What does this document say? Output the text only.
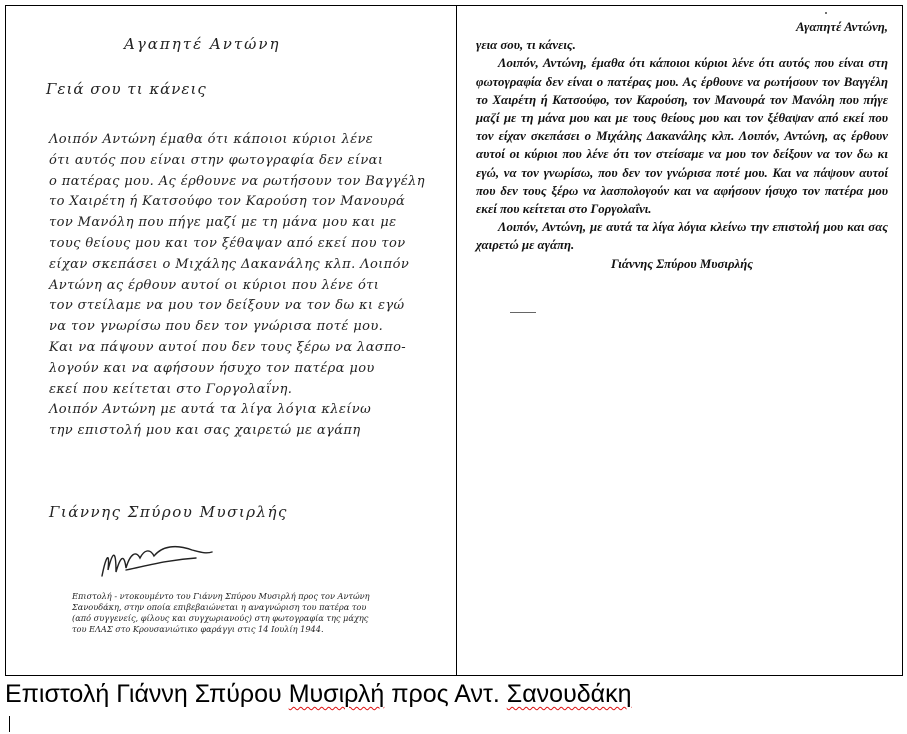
Αγαπητέ Αντώνη
Γειά σου τι κάνεις
Λοιπόν Αντώνη έμαθα ότι κάποιοι κύριοι λένε
ότι αυτός που είναι στην φωτογραφία δεν είναι
ο πατέρας μου. Ας έρθουνε να ρωτήσουν τον Βαγγέλη
το Χαιρέτη ή Κατσούφο τον Καρούση τον Μανουρά
τον Μανόλη που πήγε μαζί με τη μάνα μου και με
τους θείους μου και τον ξέθαψαν από εκεί που τον
είχαν σκεπάσει ο Μιχάλης Δακανάλης κλπ. Λοιπόν
Αντώνη ας έρθουν αυτοί οι κύριοι που λένε ότι
τον στείλαμε να μου τον δείξουν να τον δω κι εγώ
να τον γνωρίσω που δεν τον γνώρισα ποτέ μου.
Και να πάψουν αυτοί που δεν τους ξέρω να λασπο-
λογούν και να αφήσουν ήσυχο τον πατέρα μου
εκεί που κείτεται στο Γοργολαΐνη.
Λοιπόν Αντώνη με αυτά τα λίγα λόγια κλείνω
την επιστολή μου και σας χαιρετώ με αγάπη
Γιάννης Σπύρου Μυσιρλής
Επιστολή - ντοκουμέντο του Γιάννη Σπύρου Μυσιρλή προς τον Αντώνη Σανουδάκη, στην οποία επιβεβαιώνεται η αναγνώριση του πατέρα του (από συγγενείς, φίλους και συγχωριανούς) στη φωτογραφία της μάχης του ΕΛΑΣ στο Κρουσανιώτικο φαράγγι στις 14 Ιουλίη 1944.
Αγαπητέ Αντώνη,
γεια σου, τι κάνεις.

Λοιπόν, Αντώνη, έμαθα ότι κάποιοι κύριοι λένε ότι αυτός που είναι στη φωτογραφία δεν είναι ο πατέρας μου. Ας έρθουνε να ρωτήσουν τον Βαγγέλη το Χαιρέτη ή Κατσούφο, τον Καρούση, τον Μανουρά τον Μανόλη που πήγε μαζί με τη μάνα μου και με τους θείους μου και τον ξέθαψαν από εκεί που τον είχαν σκεπάσει ο Μιχάλης Δακανάλης κλπ. Λοιπόν, Αντώνη, ας έρθουν αυτοί οι κύριοι που λένε ότι τον στείσαμε να μου τον δείξουν να τον δω κι εγώ, να τον γνωρίσω, που δεν τον γνώρισα ποτέ μου. Και να πάψουν αυτοί που δεν τους ξέρω να λασπολογούν και να αφήσουν ήσυχο τον πατέρα μου εκεί που κείτεται στο Γοργολαΐνι.

Λοιπόν, Αντώνη, με αυτά τα λίγα λόγια κλείνω την επιστολή μου και σας χαιρετώ με αγάπη.

Γιάννης Σπύρου Μυσιρλής
Επιστολή Γιάννη Σπύρου Μυσιρλή προς Αντ. Σανουδάκη
